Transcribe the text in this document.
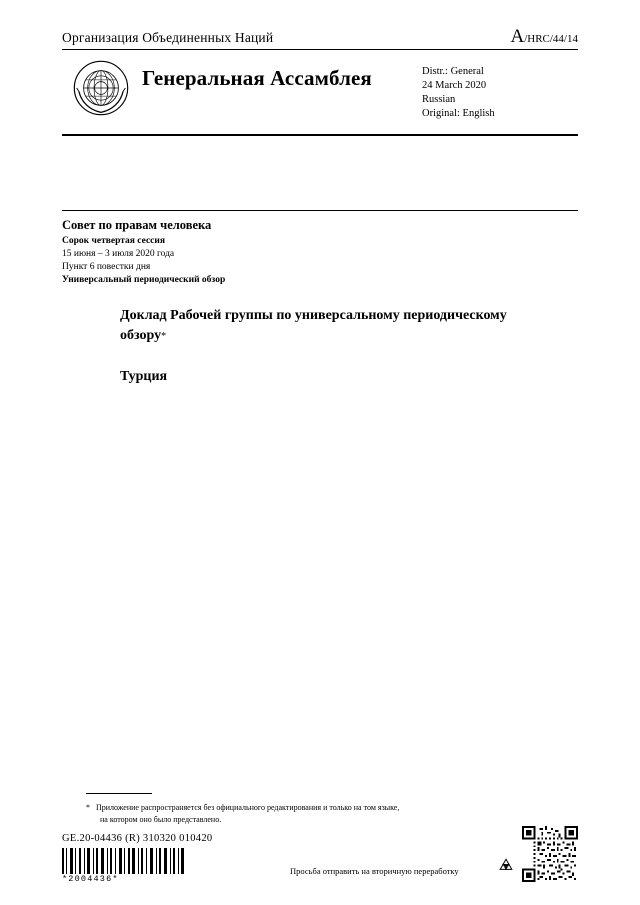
Организация Объединенных Наций	A/HRC/44/14
Генеральная Ассамблея	Distr.: General
24 March 2020
Russian
Original: English
Совет по правам человека
Сорок четвертая сессия
15 июня – 3 июля 2020 года
Пункт 6 повестки дня
Универсальный периодический обзор
Доклад Рабочей группы по универсальному периодическому обзору*
Турция
* Приложение распространяется без официального редактирования и только на том языке,
на котором оно было представлено.
GE.20-04436 (R) 310320 010420
*2004436*
Просьба отправить на вторичную переработку
